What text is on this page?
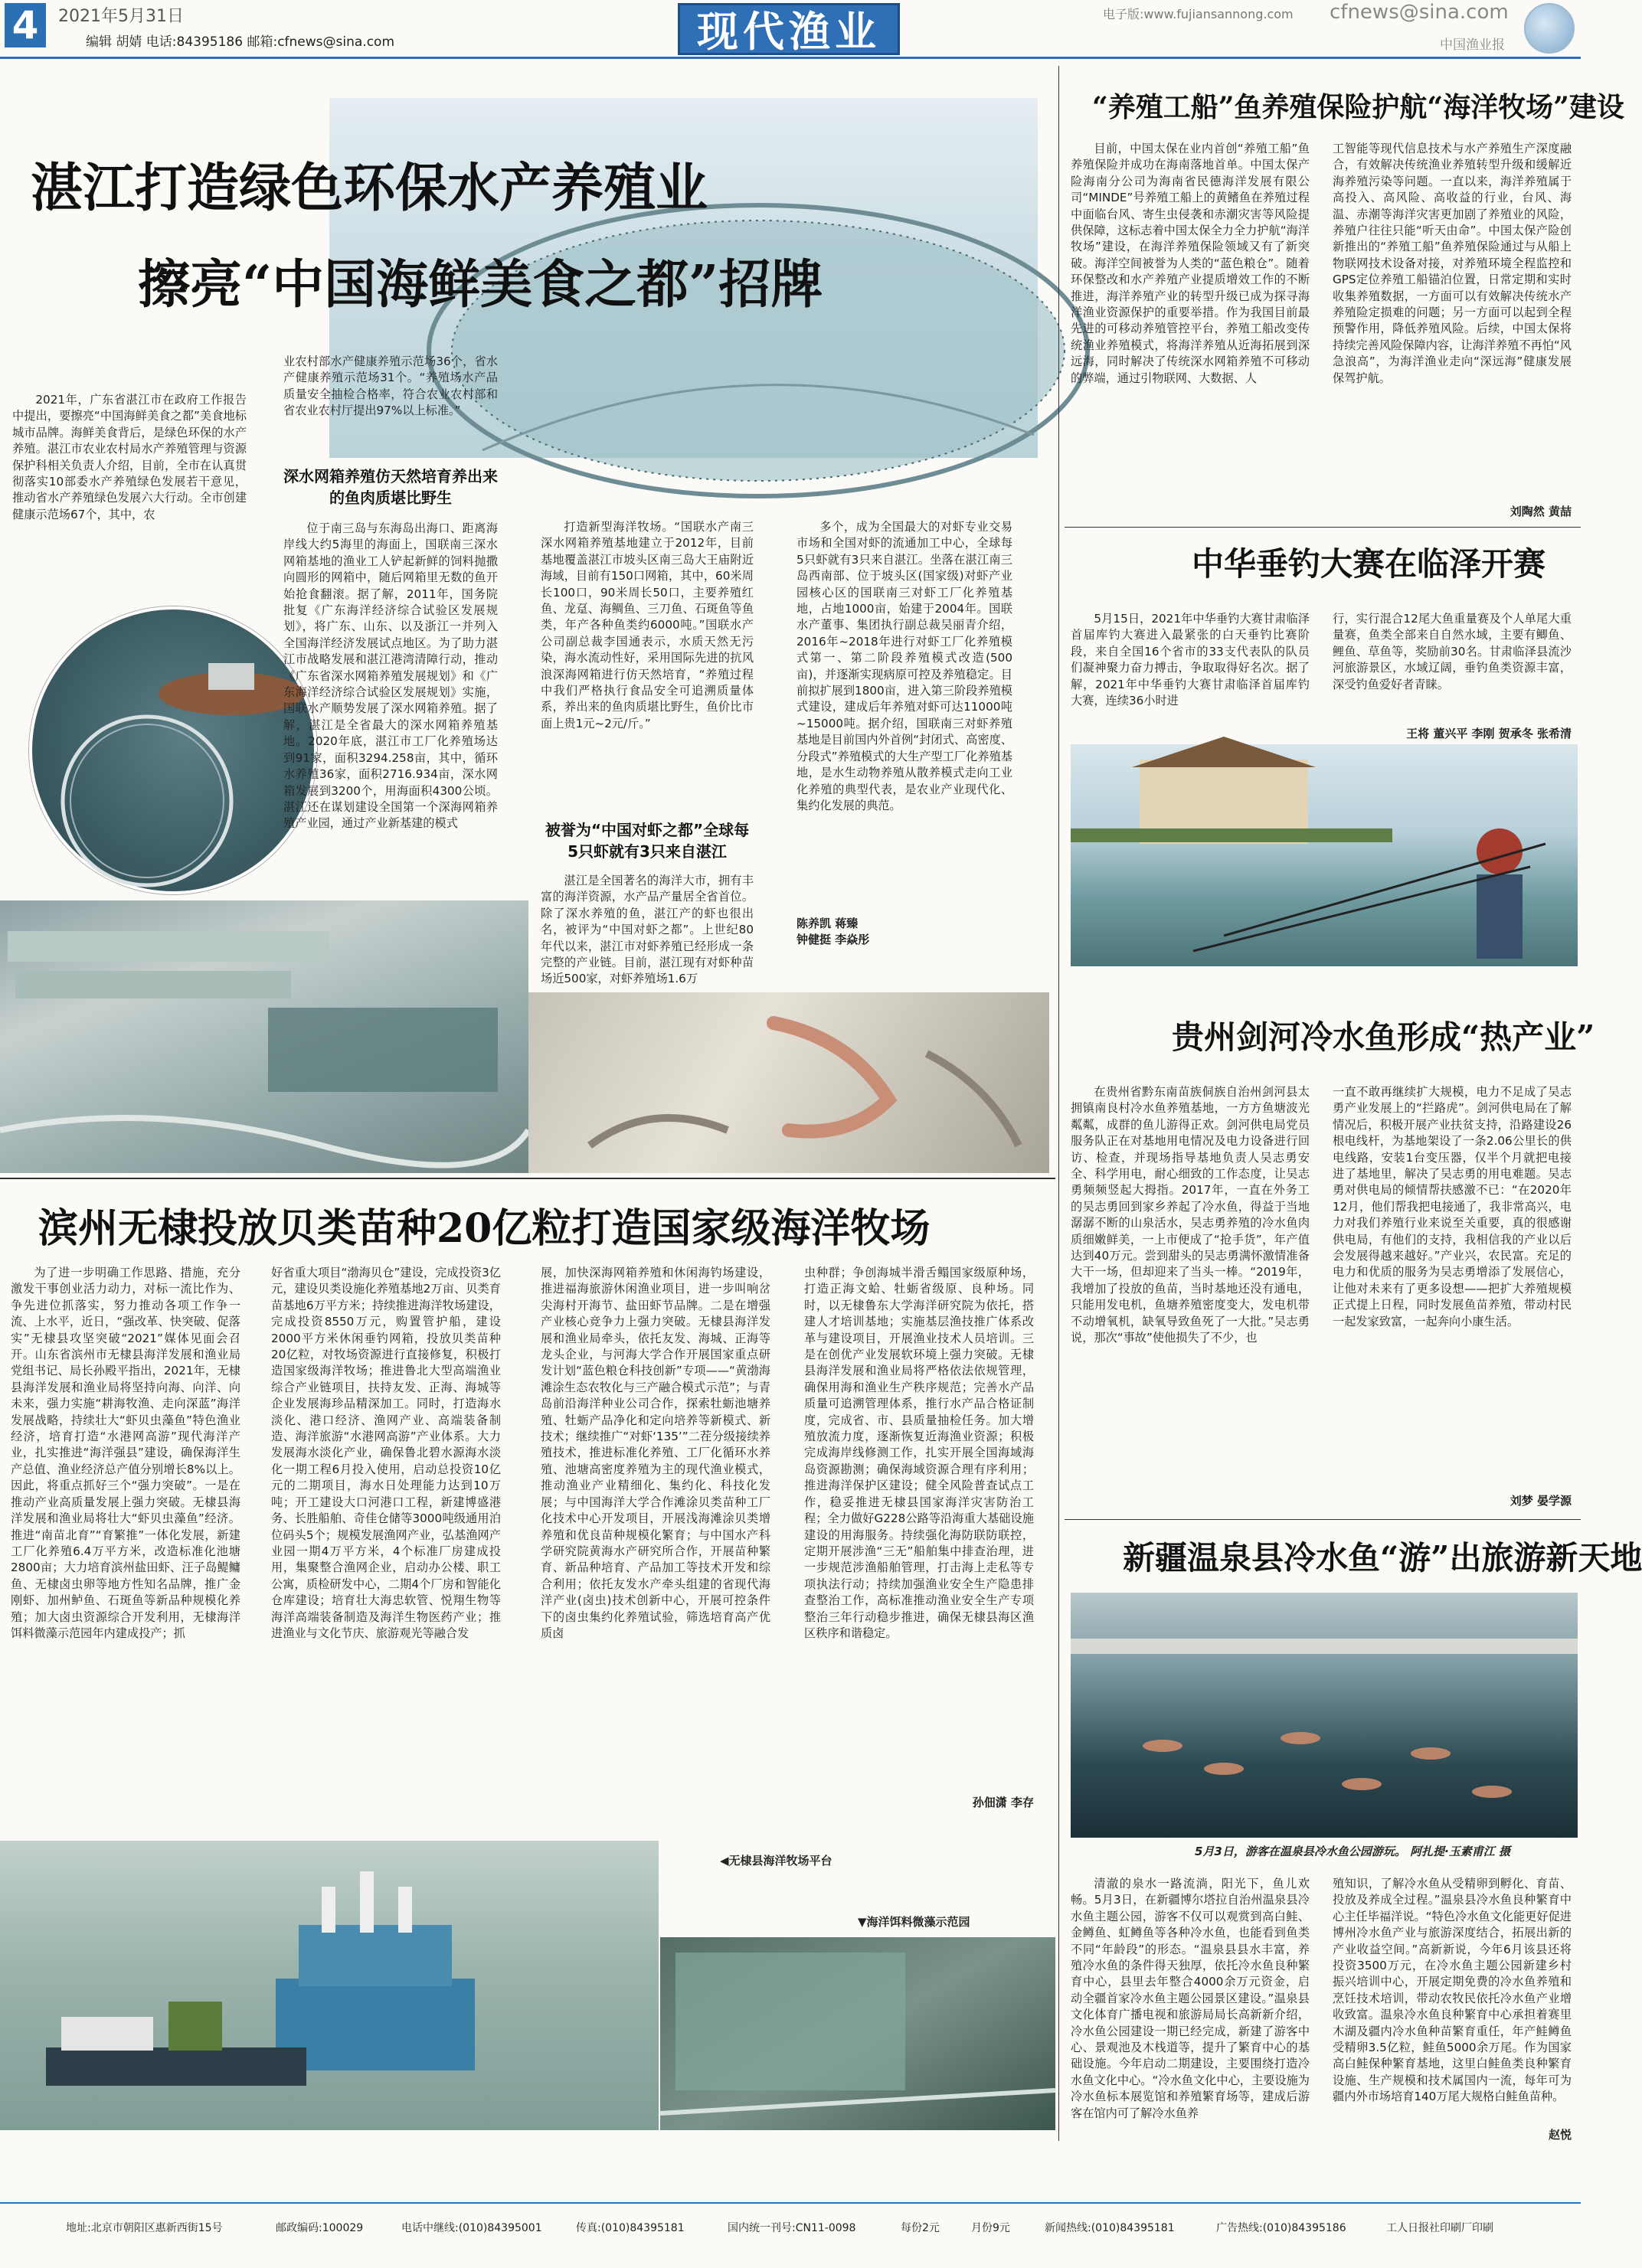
4	2021年5月31日
编辑 胡婧 电话:84395186 邮箱:cfnews@sina.com	现代渔业	电子版:www.fujiansannong.com cfnews@sina.com
中国渔业报
湛江打造绿色环保水产养殖业
擦亮“中国海鲜美食之都”招牌
2021年，广东省湛江市在政府工作报告中提出，要擦亮“中国海鲜美食之都”美食地标城市品牌。海鲜美食背后，是绿色环保的水产养殖。湛江市农业农村局水产养殖管理与资源保护科相关负责人介绍，目前，全市在认真贯彻落实10部委水产养殖绿色发展若干意见，推动省水产养殖绿色发展六大行动。全市创建健康示范场67个，其中，农
业农村部水产健康养殖示范场36个，省水产健康养殖示范场31个。“养殖场水产品质量安全抽检合格率，符合农业农村部和省农业农村厅提出97%以上标准。”
深水网箱养殖仿天然培育养出来的鱼肉质堪比野生
位于南三岛与东海岛出海口、距离海岸线大约5海里的海面上，国联南三深水网箱基地的渔业工人铲起新鲜的饲料抛撒向圆形的网箱中，随后网箱里无数的鱼开始抢食翻滚。据了解，2011年，国务院批复《广东海洋经济综合试验区发展规划》，将广东、山东、以及浙江一并列入全国海洋经济发展试点地区。为了助力湛江市战略发展和湛江港湾清障行动，推动《广东省深水网箱养殖发展规划》和《广东海洋经济综合试验区发展规划》实施，国联水产顺势发展了深水网箱养殖。据了解，湛江是全省最大的深水网箱养殖基地。2020年底，湛江市工厂化养殖场达到91家，面积3294.258亩，其中，循环水养殖36家，面积2716.934亩，深水网箱发展到3200个，用海面积4300公顷。湛江还在谋划建设全国第一个深海网箱养殖产业园，通过产业新基建的模式
打造新型海洋牧场。“国联水产南三深水网箱养殖基地建立于2012年，目前基地覆盖湛江市坡头区南三岛大王庙附近海域，目前有150口网箱，其中，60米周长100口，90米周长50口，主要养殖红鱼、龙趸、海鲷鱼、三刀鱼、石斑鱼等鱼类，年产各种鱼类约6000吨。”国联水产公司副总裁李国通表示，水质天然无污染，海水流动性好，采用国际先进的抗风浪深海网箱进行仿天然培育，“养殖过程中我们严格执行食品安全可追溯质量体系，养出来的鱼肉质堪比野生，鱼价比市面上贵1元~2元/斤。”
被誉为“中国对虾之都”全球每5只虾就有3只来自湛江
湛江是全国著名的海洋大市，拥有丰富的海洋资源，水产品产量居全省首位。除了深水养殖的鱼，湛江产的虾也很出名，被评为“中国对虾之都”。上世纪80年代以来，湛江市对虾养殖已经形成一条完整的产业链。目前，湛江现有对虾种苗场近500家，对虾养殖场1.6万
多个，成为全国最大的对虾专业交易市场和全国对虾的流通加工中心，全球每5只虾就有3只来自湛江。坐落在湛江南三岛西南部、位于坡头区(国家级)对虾产业园核心区的国联南三对虾工厂化养殖基地，占地1000亩，始建于2004年。国联水产董事、集团执行副总裁吴丽青介绍，2016年~2018年进行对虾工厂化养殖模式第一、第二阶段养殖模式改造(500亩)，并逐渐实现病原可控及养殖稳定。目前拟扩展到1800亩，进入第三阶段养殖模式建设，建成后年养殖对虾可达11000吨~15000吨。据介绍，国联南三对虾养殖基地是目前国内外首例“封闭式、高密度、分段式”养殖模式的大生产型工厂化养殖基地，是水生动物养殖从散养模式走向工业化养殖的典型代表，是农业产业现代化、集约化发展的典范。
陈养凯 蒋臻
钟健挺 李焱彤
滨州无棣投放贝类苗种20亿粒打造国家级海洋牧场
为了进一步明确工作思路、措施，充分激发干事创业活力动力，对标一流比作为、争先进位抓落实，努力推动各项工作争一流、上水平，近日，“强改革、快突破、促落实”无棣县攻坚突破“2021”媒体见面会召开。山东省滨州市无棣县海洋发展和渔业局党组书记、局长孙殿平指出，2021年，无棣县海洋发展和渔业局将坚持向海、向洋、向未来，强力实施“耕海牧渔、走向深蓝”海洋发展战略，持续壮大“虾贝虫藻鱼”特色渔业经济，培育打造“水港网高游”现代海洋产业，扎实推进“海洋强县”建设，确保海洋生产总值、渔业经济总产值分别增长8%以上。因此，将重点抓好三个“强力突破”。一是在推动产业高质量发展上强力突破。无棣县海洋发展和渔业局将壮大“虾贝虫藻鱼”经济。推进“南苗北育”“育繁推”一体化发展，新建工厂化养殖6.4万平方米，改造标准化池塘2800亩；大力培育滨州盐田虾、汪子岛鳀鳙鱼、无棣卤虫卵等地方性知名品牌，推广金刚虾、加州鲈鱼、石斑鱼等新品种规模化养殖；加大卤虫资源综合开发利用，无棣海洋饵料微藻示范园年内建成投产；抓
好省重大项目“渤海贝仓”建设，完成投资3亿元，建设贝类设施化养殖基地2万亩、贝类育苗基地6万平方米；持续推进海洋牧场建设，完成投资8550万元，购置管护船，建设2000平方米休闲垂钓网箱，投放贝类苗种20亿粒，对牧场资源进行直接修复，积极打造国家级海洋牧场；推进鲁北大型高端渔业综合产业链项目，扶持友发、正海、海城等企业发展海珍品精深加工。同时，打造海水淡化、港口经济、渔网产业、高端装备制造、海洋旅游“水港网高游”产业体系。大力发展海水淡化产业，确保鲁北碧水源海水淡化一期工程6月投入使用，启动总投资10亿元的二期项目，海水日处理能力达到10万吨；开工建设大口河港口工程，新建博盛港务、长胜船舶、奇佳仓储等3000吨级通用泊位码头5个；规模发展渔网产业，弘基渔网产业园一期4万平方米，4个标准厂房建成投用，集聚整合渔网企业，启动办公楼、职工公寓，质检研发中心，二期4个厂房和智能化仓库建设；培育壮大海忠软管、悦翔生物等海洋高端装备制造及海洋生物医药产业；推进渔业与文化节庆、旅游观光等融合发
展，加快深海网箱养殖和休闲海钓场建设，推进福海旅游休闲渔业项目，进一步叫响岔尖海村开海节、盐田虾节品牌。二是在增强产业核心竞争力上强力突破。无棣县海洋发展和渔业局牵头，依托友发、海城、正海等龙头企业，与河海大学合作开展国家重点研发计划“蓝色粮仓科技创新”专项——“黄渤海滩涂生态农牧化与三产融合模式示范”；与青岛前沿海洋种业公司合作，探索牡蛎池塘养殖、牡蛎产品净化和定向培养等新模式、新技术；继续推广“对虾‘135’”二茬分级接续养殖技术，推进标准化养殖、工厂化循环水养殖、池塘高密度养殖为主的现代渔业模式，推动渔业产业精细化、集约化、科技化发展；与中国海洋大学合作滩涂贝类苗种工厂化技术中心开发项目，开展浅海滩涂贝类增养殖和优良苗种规模化繁育；与中国水产科学研究院黄海水产研究所合作，开展苗种繁育、新品种培育、产品加工等技术开发和综合利用；依托友发水产牵头组建的省现代海洋产业(卤虫)技术创新中心，开展可控条件下的卤虫集约化养殖试验，筛选培育高产优质卤
虫种群；争创海城半滑舌鳎国家级原种场，打造正海文蛤、牡蛎省级原、良种场。同时，以无棣鲁东大学海洋研究院为依托，搭建人才培训基地；实施基层渔技推广体系改革与建设项目，开展渔业技术人员培训。三是在创优产业发展软环境上强力突破。无棣县海洋发展和渔业局将严格依法依规管理，确保用海和渔业生产秩序规范；完善水产品质量可追溯管理体系，推行水产品合格证制度，完成省、市、县质量抽检任务。加大增殖放流力度，逐渐恢复近海渔业资源；积极完成海岸线修测工作，扎实开展全国海域海岛资源勘测；确保海域资源合理有序利用；推进海洋保护区建设；健全风险普查试点工作，稳妥推进无棣县国家海洋灾害防治工程；全力做好G228公路等沿海重大基础设施建设的用海服务。持续强化海防联防联控，定期开展涉渔“三无”船舶集中排查治理，进一步规范涉渔船舶管理，打击海上走私等专项执法行动；持续加强渔业安全生产隐患排查整治工作，高标准推动渔业安全生产专项整治三年行动稳步推进，确保无棣县海区渔区秩序和谐稳定。
孙佃潇 李存
◀无棣县海洋牧场平台
▼海洋饵料微藻示范园
“养殖工船”鱼养殖保险护航“海洋牧场”建设
目前，中国太保在业内首创“养殖工船”鱼养殖保险并成功在海南落地首单。中国太保产险海南分公司为海南省民德海洋发展有限公司“MINDE”号养殖工船上的黄鳍鱼在养殖过程中面临台风、寄生虫侵袭和赤潮灾害等风险提供保障，这标志着中国太保全力全力护航“海洋牧场”建设，在海洋养殖保险领域又有了新突破。海洋空间被誉为人类的“蓝色粮仓”。随着环保整改和水产养殖产业提质增效工作的不断推进，海洋养殖产业的转型升级已成为探寻海洋渔业资源保护的重要举措。作为我国目前最先进的可移动养殖管控平台，养殖工船改变传统渔业养殖模式，将海洋养殖从近海拓展到深远海，同时解决了传统深水网箱养殖不可移动的弊端，通过引物联网、大数据、人
工智能等现代信息技术与水产养殖生产深度融合，有效解决传统渔业养殖转型升级和缓解近海养殖污染等问题。一直以来，海洋养殖属于高投入、高风险、高收益的行业，台风、海温、赤潮等海洋灾害更加剧了养殖业的风险，养殖户往往只能“听天由命”。中国太保产险创新推出的“养殖工船”鱼养殖保险通过与从船上物联网技术设备对接，对养殖环境全程监控和GPS定位养殖工船锚泊位置，日常定期和实时收集养殖数据，一方面可以有效解决传统水产养殖险定损难的问题；另一方面可以起到全程预警作用，降低养殖风险。后续，中国太保将持续完善风险保障内容，让海洋养殖不再怕“风急浪高”，为海洋渔业走向“深远海”健康发展保驾护航。
刘陶然 黄喆
中华垂钓大赛在临泽开赛
5月15日，2021年中华垂钓大赛甘肃临泽首届库钓大赛进入最紧张的白天垂钓比赛阶段，来自全国16个省市的33支代表队的队员们凝神聚力奋力搏击，争取取得好名次。据了解，2021年中华垂钓大赛甘肃临泽首届库钓大赛，连续36小时进
行，实行混合12尾大鱼重量赛及个人单尾大重量赛，鱼类全部来自自然水域，主要有鲫鱼、鲤鱼、草鱼等，奖励前30名。甘肃临泽县流沙河旅游景区，水域辽阔，垂钓鱼类资源丰富，深受钓鱼爱好者青睐。
王将 董兴平 李刚 贺承冬 张希清
贵州剑河冷水鱼形成“热产业”
在贵州省黔东南苗族侗族自治州剑河县太拥镇南良村冷水鱼养殖基地，一方方鱼塘波光粼粼，成群的鱼儿游得正欢。剑河供电局党员服务队正在对基地用电情况及电力设备进行回访、检查，并现场指导基地负责人吴志勇安全、科学用电，耐心细致的工作态度，让吴志勇频频竖起大拇指。2017年，一直在外务工的吴志勇回到家乡养起了冷水鱼，得益于当地潺潺不断的山泉活水，吴志勇养殖的冷水鱼肉质细嫩鲜美，一上市便成了“抢手货”，年产值达到40万元。尝到甜头的吴志勇满怀激情准备大干一场，但却迎来了当头一棒。“2019年，我增加了投放的鱼苗，当时基地还没有通电，只能用发电机，鱼塘养殖密度变大，发电机带不动增氧机，缺氧导致鱼死了一大批。”吴志勇说，那次“事故”使他损失了不少，也
一直不敢再继续扩大规模，电力不足成了吴志勇产业发展上的“拦路虎”。剑河供电局在了解情况后，积极开展产业扶贫支持，沿路建设26根电线杆，为基地架设了一条2.06公里长的供电线路，安装1台变压器，仅半个月就把电接进了基地里，解决了吴志勇的用电难题。吴志勇对供电局的倾情帮扶感激不已：“在2020年12月，他们帮我把电接通了，我非常高兴，电力对我们养殖行业来说至关重要，真的很感谢供电局，有他们的支持，我相信我的产业以后会发展得越来越好。”产业兴，农民富。充足的电力和优质的服务为吴志勇增添了发展信心，让他对未来有了更多设想——把扩大养殖规模正式提上日程，同时发展鱼苗养殖，带动村民一起发家致富，一起奔向小康生活。
刘梦 晏学源
新疆温泉县冷水鱼“游”出旅游新天地
5月3日，游客在温泉县冷水鱼公园游玩。 阿扎提·玉素甫江 摄
清澈的泉水一路流淌，阳光下，鱼儿欢畅。5月3日，在新疆博尔塔拉自治州温泉县冷水鱼主题公园，游客不仅可以观赏到高白鲑、金鳟鱼、虹鳟鱼等各种冷水鱼，也能看到鱼类不同“年龄段”的形态。“温泉县县水丰富，养殖冷水鱼的条件得天独厚，依托冷水鱼良种繁育中心，县里去年整合4000余万元资金，启动全疆首家冷水鱼主题公园景区建设。”温泉县文化体育广播电视和旅游局局长高新新介绍，冷水鱼公园建设一期已经完成，新建了游客中心、景观池及木栈道等，提升了繁育中心的基础设施。今年启动二期建设，主要围绕打造冷水鱼文化中心。“冷水鱼文化中心，主要设施为冷水鱼标本展览馆和养殖繁育场等，建成后游客在馆内可了解冷水鱼养
殖知识，了解冷水鱼从受精卵到孵化、育苗、投放及养成全过程。”温泉县冷水鱼良种繁育中心主任毕福洋说。“特色冷水鱼文化能更好促进博州冷水鱼产业与旅游深度结合，拓展出新的产业收益空间。”高新新说，今年6月该县还将投资3500万元，在冷水鱼主题公园新建乡村振兴培训中心，开展定期免费的冷水鱼养殖和烹饪技术培训，带动农牧民依托冷水鱼产业增收致富。温泉冷水鱼良种繁育中心承担着赛里木湖及疆内冷水鱼种苗繁育重任，年产鲑鳟鱼受精卵3.5亿粒，鲑鱼5000余万尾。作为国家高白鲑保种繁育基地，这里白鲑鱼类良种繁育设施、生产规模和技术属国内一流，每年可为疆内外市场培育140万尾大规格白鲑鱼苗种。
赵悦
地址:北京市朝阳区惠新西街15号	邮政编码:100029	电话中继线:(010)84395001	传真:(010)84395181	国内统一刊号:CN11-0098	每份2元	月份9元	新闻热线:(010)84395181	广告热线:(010)84395186	工人日报社印刷厂印刷
